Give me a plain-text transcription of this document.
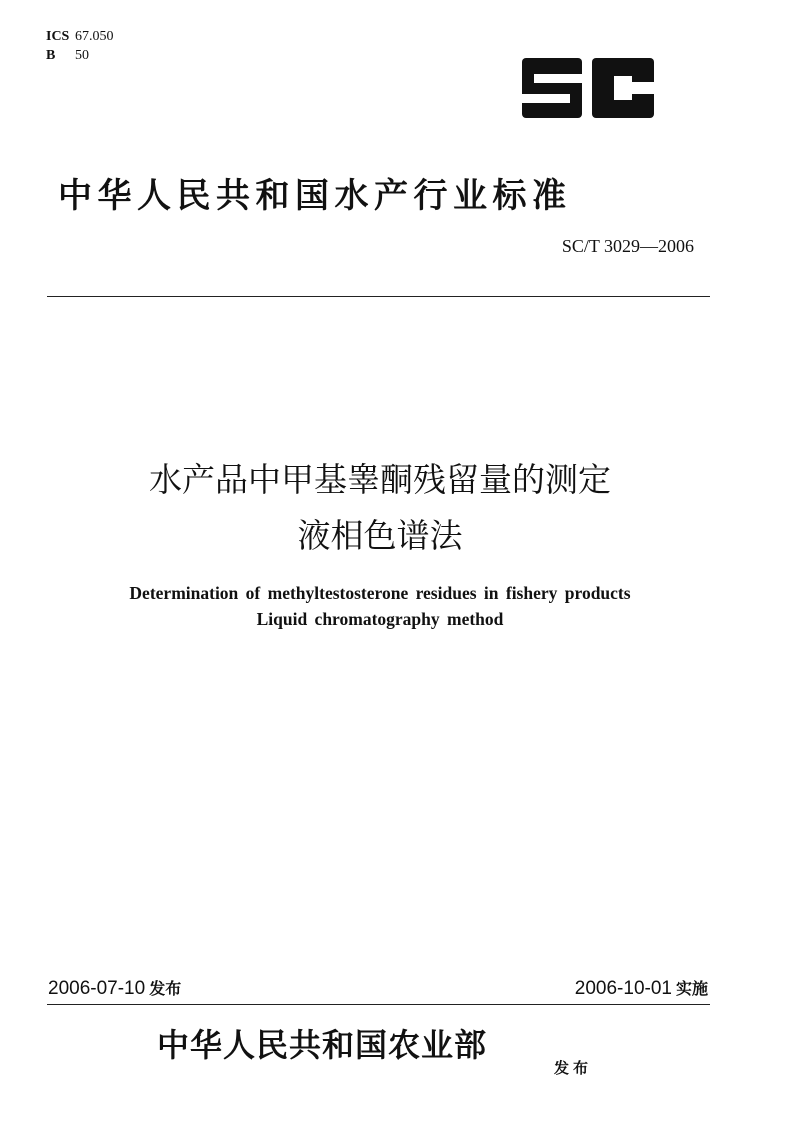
ICS 67.050
B 50
中华人民共和国水产行业标准
SC/T 3029—2006
水产品中甲基睾酮残留量的测定
液相色谱法
Determination of methyltestosterone residues in fishery products
Liquid chromatography method
2006-07-10 发布	2006-10-01 实施
中华人民共和国农业部
发布
